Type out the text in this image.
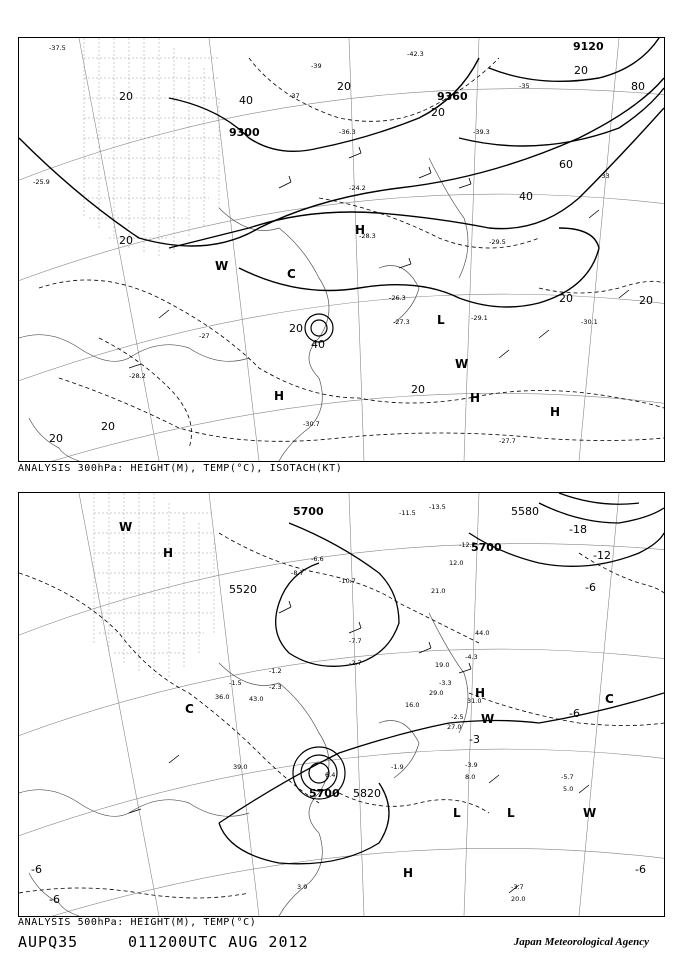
9120
9300
9360
20	40
60
80
20
40
40
20
20	20
20
20
20
20
20
20
H
H	H
H
L
C
W
W
-42.3
-39.3
-36.3
-37.5
-28.3
-26.3
-24.2
-29.5
-29.1	-30.1
-27.3
-27.7
-30.7
-28.2
-25.9
-27
-33
-35
-37
-39
ANALYSIS 300hPa: HEIGHT(M), TEMP(°C), ISOTACH(KT)
5700
5520
5580
5700
5700 5820
-3
-6
-6
-6
-6
-6
-12
-18
H
H
H
L	L
C
C
W
W
W
-11.5
-13.5
-10.7
-12.7
-6.6
-4.3
-3.3
-2.7
-2.5
-1.9
-1.2
-3.9
-5.7
-3.7
-2.3
-1.5
-8.7
-7.7
12.0
21.0
44.0
29.0
31.0
27.0
43.0
8.0
5.0
20.0
19.0
16.0
36.0
39.0
3.9
6.4
ANALYSIS 500hPa: HEIGHT(M), TEMP(°C)
AUPQ35	011200UTC AUG 2012	Japan Meteorological Agency
